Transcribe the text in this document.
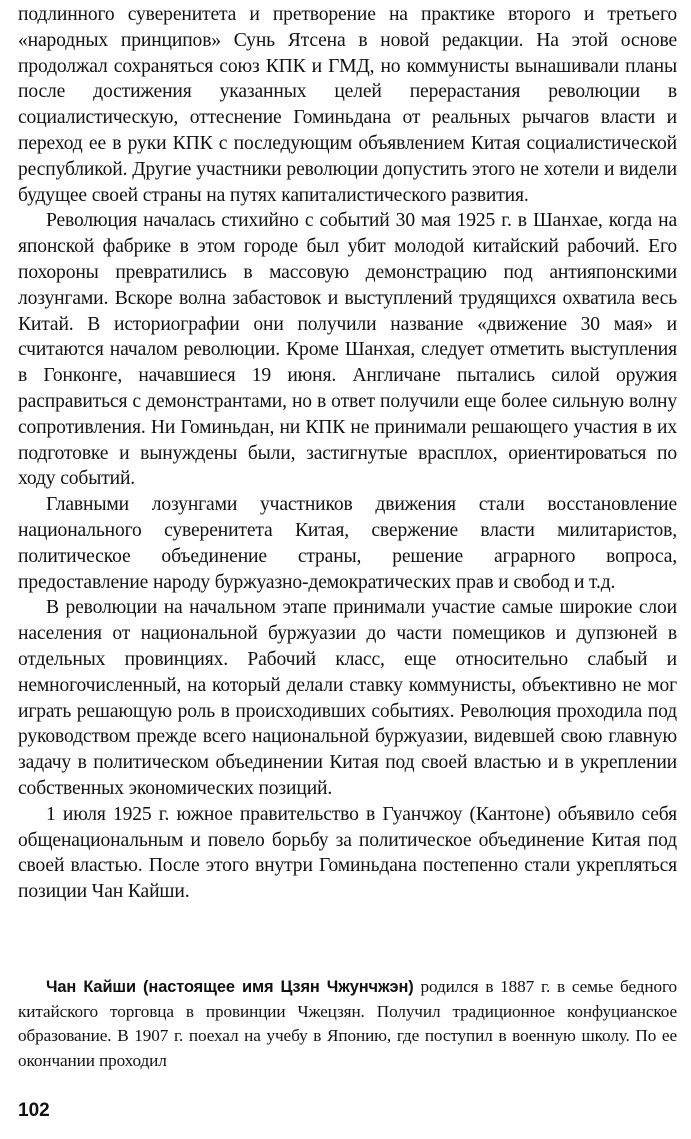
подлинного суверенитета и претворение на практике второго и третьего «народных принципов» Сунь Ятсена в новой редакции. На этой основе продолжал сохраняться союз КПК и ГМД, но коммунисты вынашивали планы после достижения указанных целей перерастания революции в социалистическую, оттеснение Гоминьдана от реальных рычагов власти и переход ее в руки КПК с последующим объявлением Китая социалистической республикой. Другие участники революции допустить этого не хотели и видели будущее своей страны на путях капиталистического развития.

Революция началась стихийно с событий 30 мая 1925 г. в Шанхае, когда на японской фабрике в этом городе был убит молодой китайский рабочий. Его похороны превратились в массовую демонстрацию под антияпонскими лозунгами. Вскоре волна забастовок и выступлений трудящихся охватила весь Китай. В историографии они получили название «движение 30 мая» и считаются началом революции. Кроме Шанхая, следует отметить выступления в Гонконге, начавшиеся 19 июня. Англичане пытались силой оружия расправиться с демонстрантами, но в ответ получили еще более сильную волну сопротивления. Ни Гоминьдан, ни КПК не принимали решающего участия в их подготовке и вынуждены были, застигнутые врасплох, ориентироваться по ходу событий.

Главными лозунгами участников движения стали восстановление национального суверенитета Китая, свержение власти милитаристов, политическое объединение страны, решение аграрного вопроса, предоставление народу буржуазно-демократических прав и свобод и т.д.

В революции на начальном этапе принимали участие самые широкие слои населения от национальной буржуазии до части помещиков и дупзюней в отдельных провинциях. Рабочий класс, еще относительно слабый и немногочисленный, на который делали ставку коммунисты, объективно не мог играть решающую роль в происходивших событиях. Революция проходила под руководством прежде всего национальной буржуазии, видевшей свою главную задачу в политическом объединении Китая под своей властью и в укреплении собственных экономических позиций.

1 июля 1925 г. южное правительство в Гуанчжоу (Кантоне) объявило себя общенациональным и повело борьбу за политическое объединение Китая под своей властью. После этого внутри Гоминьдана постепенно стали укрепляться позиции Чан Кайши.

Чан Кайши (настоящее имя Цзян Чжунчжэн) родился в 1887 г. в семье бедного китайского торговца в провинции Чжецзян. Получил традиционное конфуцианское образование. В 1907 г. поехал на учебу в Японию, где поступил в военную школу. По ее окончании проходил

102
